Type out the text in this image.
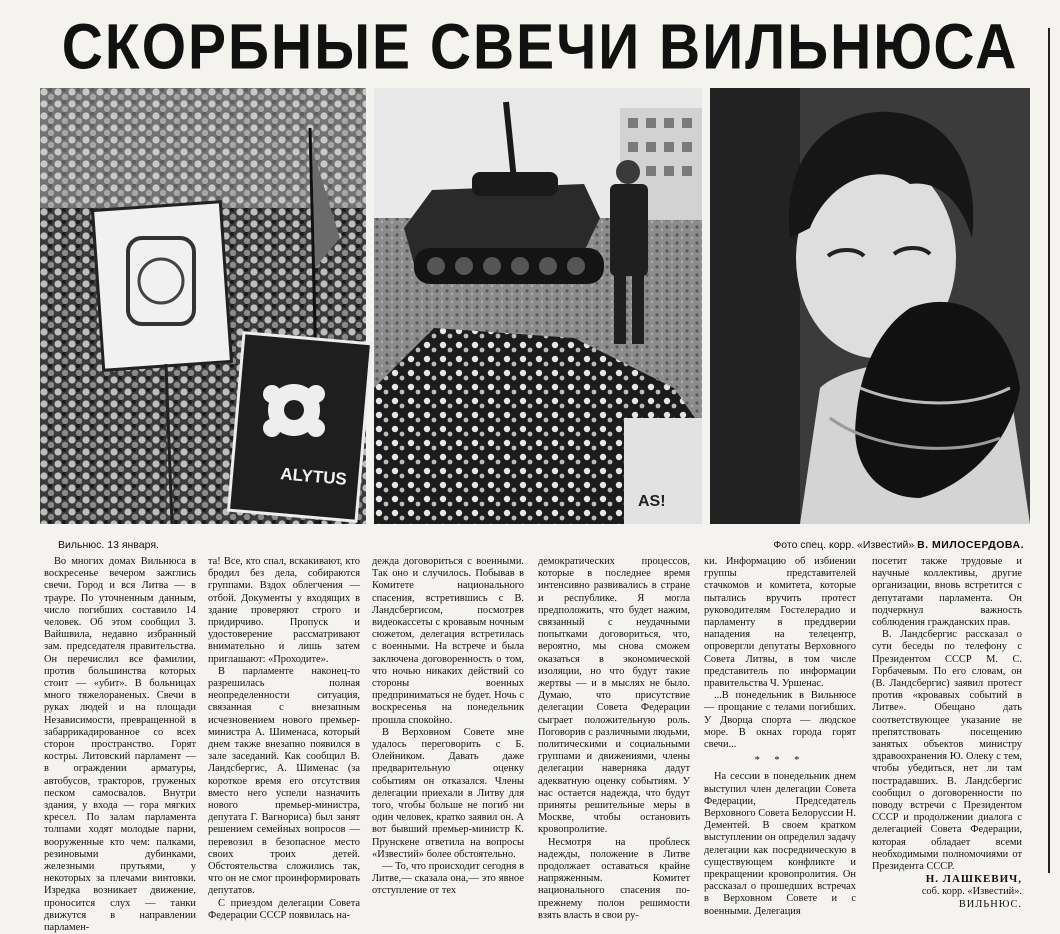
СКОРБНЫЕ СВЕЧИ ВИЛЬНЮСА
ALYTUS
AS!
Вильнюс. 13 января.	Фото спец. корр. «Известий» В. МИЛОСЕРДОВА.

Во многих домах Вильнюса в воскресенье вечером зажглись свечи. Город и вся Литва — в трауре. По уточненным данным, число погибших составило 14 человек. Об этом сообщил З. Вайшвила, недавно избранный зам. председателя правительства. Он перечислил все фамилии, против большинства которых стоит — «убит». В больницах много тяжелораненых. Свечи в руках людей и на площади Независимости, превращенной в забаррикадированное со всех сторон пространство. Горят костры. Литовский парламент — в ограждении арматуры, автобусов, тракторов, груженых песком самосвалов. Внутри здания, у входа — гора мягких кресел. По залам парламента толпами ходят молодые парни, вооруженные кто чем: палками, резиновыми дубинками, железными прутьями, у некоторых за плечами винтовки. Изредка возникает движение, проносится слух — танки движутся в направлении парламен-

та! Все, кто спал, вскакивают, кто бродил без дела, собираются группами. Вздох облегчения — отбой. Документы у входящих в здание проверяют строго и придирчиво. Пропуск и удостоверение рассматривают внимательно и лишь затем приглашают: «Проходите».

В парламенте наконец-то разрешилась полная неопределенности ситуация, связанная с внезапным исчезновением нового премьер-министра А. Шименаса, который днем также внезапно появился в зале заседаний. Как сообщил В. Ландсбергис, А. Шименас (за короткое время его отсутствия вместо него успели назначить нового премьер-министра, депутата Г. Вагнориса) был занят решением семейных вопросов — перевозил в безопасное место своих троих детей. Обстоятельства сложились так, что он не смог проинформировать депутатов.

С приездом делегации Совета Федерации СССР появилась на-

дежда договориться с военными. Так оно и случилось. Побывав в Комитете национального спасения, встретившись с В. Ландсбергисом, посмотрев видеокассеты с кровавым ночным сюжетом, делегация встретилась с военными. На встрече и была заключена договоренность о том, что ночью никаких действий со стороны военных предприниматься не будет. Ночь с воскресенья на понедельник прошла спокойно.

В Верховном Совете мне удалось переговорить с Б. Олейником. Давать даже предварительную оценку событиям он отказался. Члены делегации приехали в Литву для того, чтобы больше не погиб ни один человек, кратко заявил он. А вот бывший премьер-министр К. Прунскене ответила на вопросы «Известий» более обстоятельно.

— То, что происходит сегодня в Литве,— сказала она,— это явное отступление от тех

демократических процессов, которые в последнее время интенсивно развивались в стране и республике. Я могла предположить, что будет нажим, связанный с неудачными попытками договориться, что, вероятно, мы снова сможем оказаться в экономической изоляции, но что будут такие жертвы — и в мыслях не было. Думаю, что присутствие делегации Совета Федерации сыграет положительную роль. Поговорив с различными людьми, политическими и социальными группами и движениями, члены делегации наверняка дадут адекватную оценку событиям. У нас остается надежда, что будут приняты решительные меры в Москве, чтобы остановить кровопролитие.

Несмотря на проблеск надежды, положение в Литве продолжает оставаться крайне напряженным. Комитет национального спасения по-прежнему полон решимости взять власть в свои ру-

ки. Информацию об избиении группы представителей стачкомов и комитета, которые пытались вручить протест руководителям Гостелерадио и парламенту в преддверии нападения на телецентр, опровергли депутаты Верховного Совета Литвы, в том числе представитель по информации правительства Ч. Уршенас.

...В понедельник в Вильнюсе — прощание с телами погибших. У Дворца спорта — людское море. В окнах города горят свечи...

* * *

На сессии в понедельник днем выступил член делегации Совета Федерации, Председатель Верховного Совета Белоруссии Н. Дементей. В своем кратком выступлении он определил задачу делегации как посредническую в существующем конфликте и прекращении кровопролития. Он рассказал о прошедших встречах в Верховном Совете и с военными. Делегация

посетит также трудовые и научные коллективы, другие организации, вновь встретится с депутатами парламента. Он подчеркнул важность соблюдения гражданских прав.

В. Ландсбергис рассказал о сути беседы по телефону с Президентом СССР М. С. Горбачевым. По его словам, он (В. Ландсбергис) заявил протест против «кровавых событий в Литве». Обещано дать соответствующее указание не препятствовать посещению занятых объектов министру здравоохранения Ю. Олеку с тем, чтобы убедиться, нет ли там пострадавших. В. Ландсбергис сообщил о договоренности по поводу встречи с Президентом СССР и продолжении диалога с делегацией Совета Федерации, которая обладает всеми необходимыми полномочиями от Президента СССР.

Н. ЛАШКЕВИЧ,
соб. корр. «Известий».
ВИЛЬНЮС.
